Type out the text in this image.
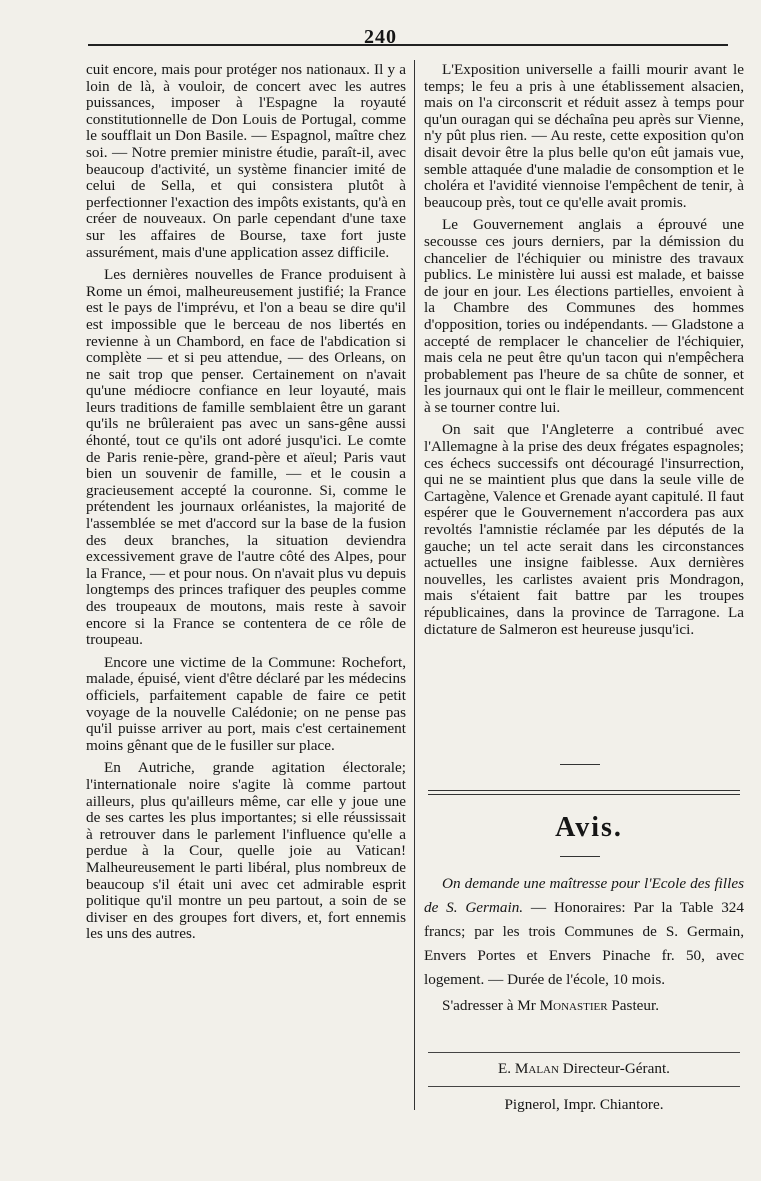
240

cuit encore, mais pour protéger nos nationaux. Il y a loin de là, à vouloir, de concert avec les autres puissances, imposer à l'Espagne la royauté constitutionnelle de Don Louis de Portugal, comme le soufflait un Don Basile. — Espagnol, maître chez soi. — Notre premier ministre étudie, paraît-il, avec beaucoup d'activité, un système financier imité de celui de Sella, et qui consistera plutôt à perfectionner l'exaction des impôts existants, qu'à en créer de nouveaux. On parle cependant d'une taxe sur les affaires de Bourse, taxe fort juste assurément, mais d'une application assez difficile.

Les dernières nouvelles de France produisent à Rome un émoi, malheureusement justifié; la France est le pays de l'imprévu, et l'on a beau se dire qu'il est impossible que le berceau de nos libertés en revienne à un Chambord, en face de l'abdication si complète — et si peu attendue, — des Orleans, on ne sait trop que penser. Certainement on n'avait qu'une médiocre confiance en leur loyauté, mais leurs traditions de famille semblaient être un garant qu'ils ne brûleraient pas avec un sans-gêne aussi éhonté, tout ce qu'ils ont adoré jusqu'ici. Le comte de Paris renie-père, grand-père et aïeul; Paris vaut bien un souvenir de famille, — et le cousin a gracieusement accepté la couronne. Si, comme le prétendent les journaux orléanistes, la majorité de l'assemblée se met d'accord sur la base de la fusion des deux branches, la situation deviendra excessivement grave de l'autre côté des Alpes, pour la France, — et pour nous. On n'avait plus vu depuis longtemps des princes trafiquer des peuples comme des troupeaux de moutons, mais reste à savoir encore si la France se contentera de ce rôle de troupeau.

Encore une victime de la Commune: Rochefort, malade, épuisé, vient d'être déclaré par les médecins officiels, parfaitement capable de faire ce petit voyage de la nouvelle Calédonie; on ne pense pas qu'il puisse arriver au port, mais c'est certainement moins gênant que de le fusiller sur place.

En Autriche, grande agitation électorale; l'internationale noire s'agite là comme partout ailleurs, plus qu'ailleurs même, car elle y joue une de ses cartes les plus importantes; si elle réussissait à retrouver dans le parlement l'influence qu'elle a perdue à la Cour, quelle joie au Vatican! Malheureusement le parti libéral, plus nombreux de beaucoup s'il était uni avec cet admirable esprit politique qu'il montre un peu partout, a soin de se diviser en des groupes fort divers, et, fort ennemis les uns des autres.

L'Exposition universelle a failli mourir avant le temps; le feu a pris à une établissement alsacien, mais on l'a circonscrit et réduit assez à temps pour qu'un ouragan qui se déchaîna peu après sur Vienne, n'y pût plus rien. — Au reste, cette exposition qu'on disait devoir être la plus belle qu'on eût jamais vue, semble attaquée d'une maladie de consomption et le choléra et l'avidité viennoise l'empêchent de tenir, à beaucoup près, tout ce qu'elle avait promis.

Le Gouvernement anglais a éprouvé une secousse ces jours derniers, par la démission du chancelier de l'échiquier ou ministre des travaux publics. Le ministère lui aussi est malade, et baisse de jour en jour. Les élections partielles, envoient à la Chambre des Communes des hommes d'opposition, tories ou indépendants. — Gladstone a accepté de remplacer le chancelier de l'échiquier, mais cela ne peut être qu'un tacon qui n'empêchera probablement pas l'heure de sa chûte de sonner, et les journaux qui ont le flair le meilleur, commencent à se tourner contre lui.

On sait que l'Angleterre a contribué avec l'Allemagne à la prise des deux frégates espagnoles; ces échecs successifs ont découragé l'insurrection, qui ne se maintient plus que dans la seule ville de Cartagène, Valence et Grenade ayant capitulé. Il faut espérer que le Gouvernement n'accordera pas aux revoltés l'amnistie réclamée par les députés de la gauche; un tel acte serait dans les circonstances actuelles une insigne faiblesse. Aux dernières nouvelles, les carlistes avaient pris Mondragon, mais s'étaient fait battre par les troupes républicaines, dans la province de Tarragone. La dictature de Salmeron est heureuse jusqu'ici.

Avis.

On demande une maîtresse pour l'Ecole des filles de S. Germain. — Honoraires: Par la Table 324 francs; par les trois Communes de S. Germain, Envers Portes et Envers Pinache fr. 50, avec logement. — Durée de l'école, 10 mois.

S'adresser à Mr Monastier Pasteur.

E. Malan Directeur-Gérant.
Pignerol, Impr. Chiantore.
